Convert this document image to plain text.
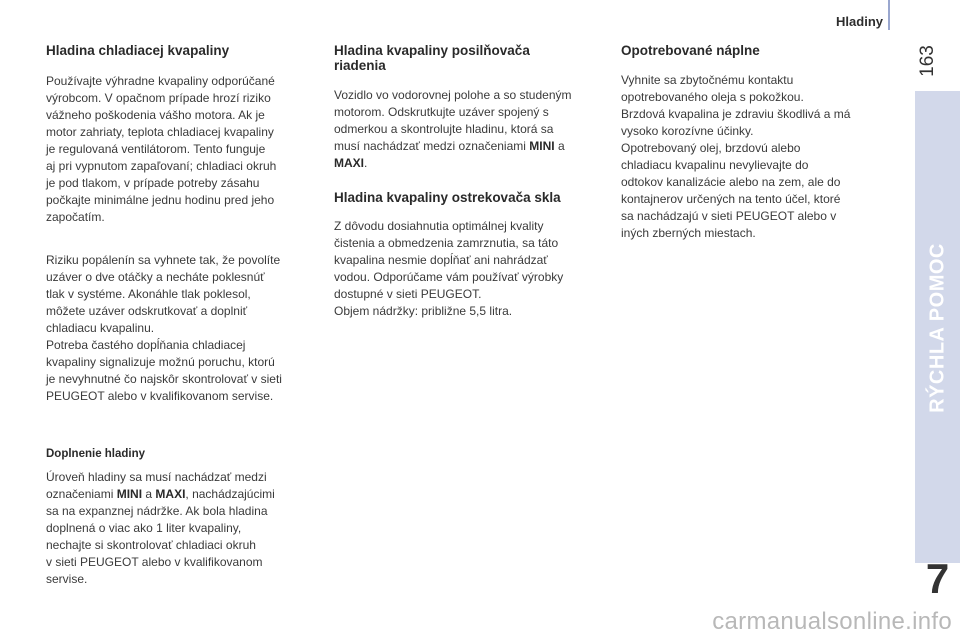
Hladiny
163
RÝCHLA POMOC
7
Hladina chladiacej kvapaliny

Používajte výhradne kvapaliny odporúčané
výrobcom. V opačnom prípade hrozí riziko
vážneho poškodenia vášho motora. Ak je
motor zahriaty, teplota chladiacej kvapaliny
je regulovaná ventilátorom. Tento funguje
aj pri vypnutom zapaľovaní; chladiaci okruh
je pod tlakom, v prípade potreby zásahu
počkajte minimálne jednu hodinu pred jeho
započatím.

Riziku popálenín sa vyhnete tak, že povolíte
uzáver o dve otáčky a necháte poklesnúť
tlak v systéme. Akonáhle tlak poklesol,
môžete uzáver odskrutkovať a doplniť
chladiacu kvapalinu.
Potreba častého dopĺňania chladiacej
kvapaliny signalizuje možnú poruchu, ktorú
je nevyhnutné čo najskôr skontrolovať v sieti
PEUGEOT alebo v kvalifikovanom servise.

Doplnenie hladiny

Úroveň hladiny sa musí nachádzať medzi
označeniami MINI a MAXI, nachádzajúcimi
sa na expanznej nádržke. Ak bola hladina
doplnená o viac ako 1 liter kvapaliny,
nechajte si skontrolovať chladiaci okruh
v sieti PEUGEOT alebo v kvalifikovanom
servise.

Hladina kvapaliny posilňovača
riadenia

Vozidlo vo vodorovnej polohe a so studeným
motorom. Odskrutkujte uzáver spojený s
odmerkou a skontrolujte hladinu, ktorá sa
musí nachádzať medzi označeniami MINI a
MAXI.

Hladina kvapaliny ostrekovača skla

Z dôvodu dosiahnutia optimálnej kvality
čistenia a obmedzenia zamrznutia, sa táto
kvapalina nesmie dopĺňať ani nahrádzať
vodou. Odporúčame vám používať výrobky
dostupné v sieti PEUGEOT.
Objem nádržky: približne 5,5 litra.

Opotrebované náplne

Vyhnite sa zbytočnému kontaktu
opotrebovaného oleja s pokožkou.
Brzdová kvapalina je zdraviu škodlivá a má
vysoko korozívne účinky.
Opotrebovaný olej, brzdovú alebo
chladiacu kvapalinu nevylievajte do
odtokov kanalizácie alebo na zem, ale do
kontajnerov určených na tento účel, ktoré
sa nachádzajú v sieti PEUGEOT alebo v
iných zberných miestach.

carmanualsonline.info
